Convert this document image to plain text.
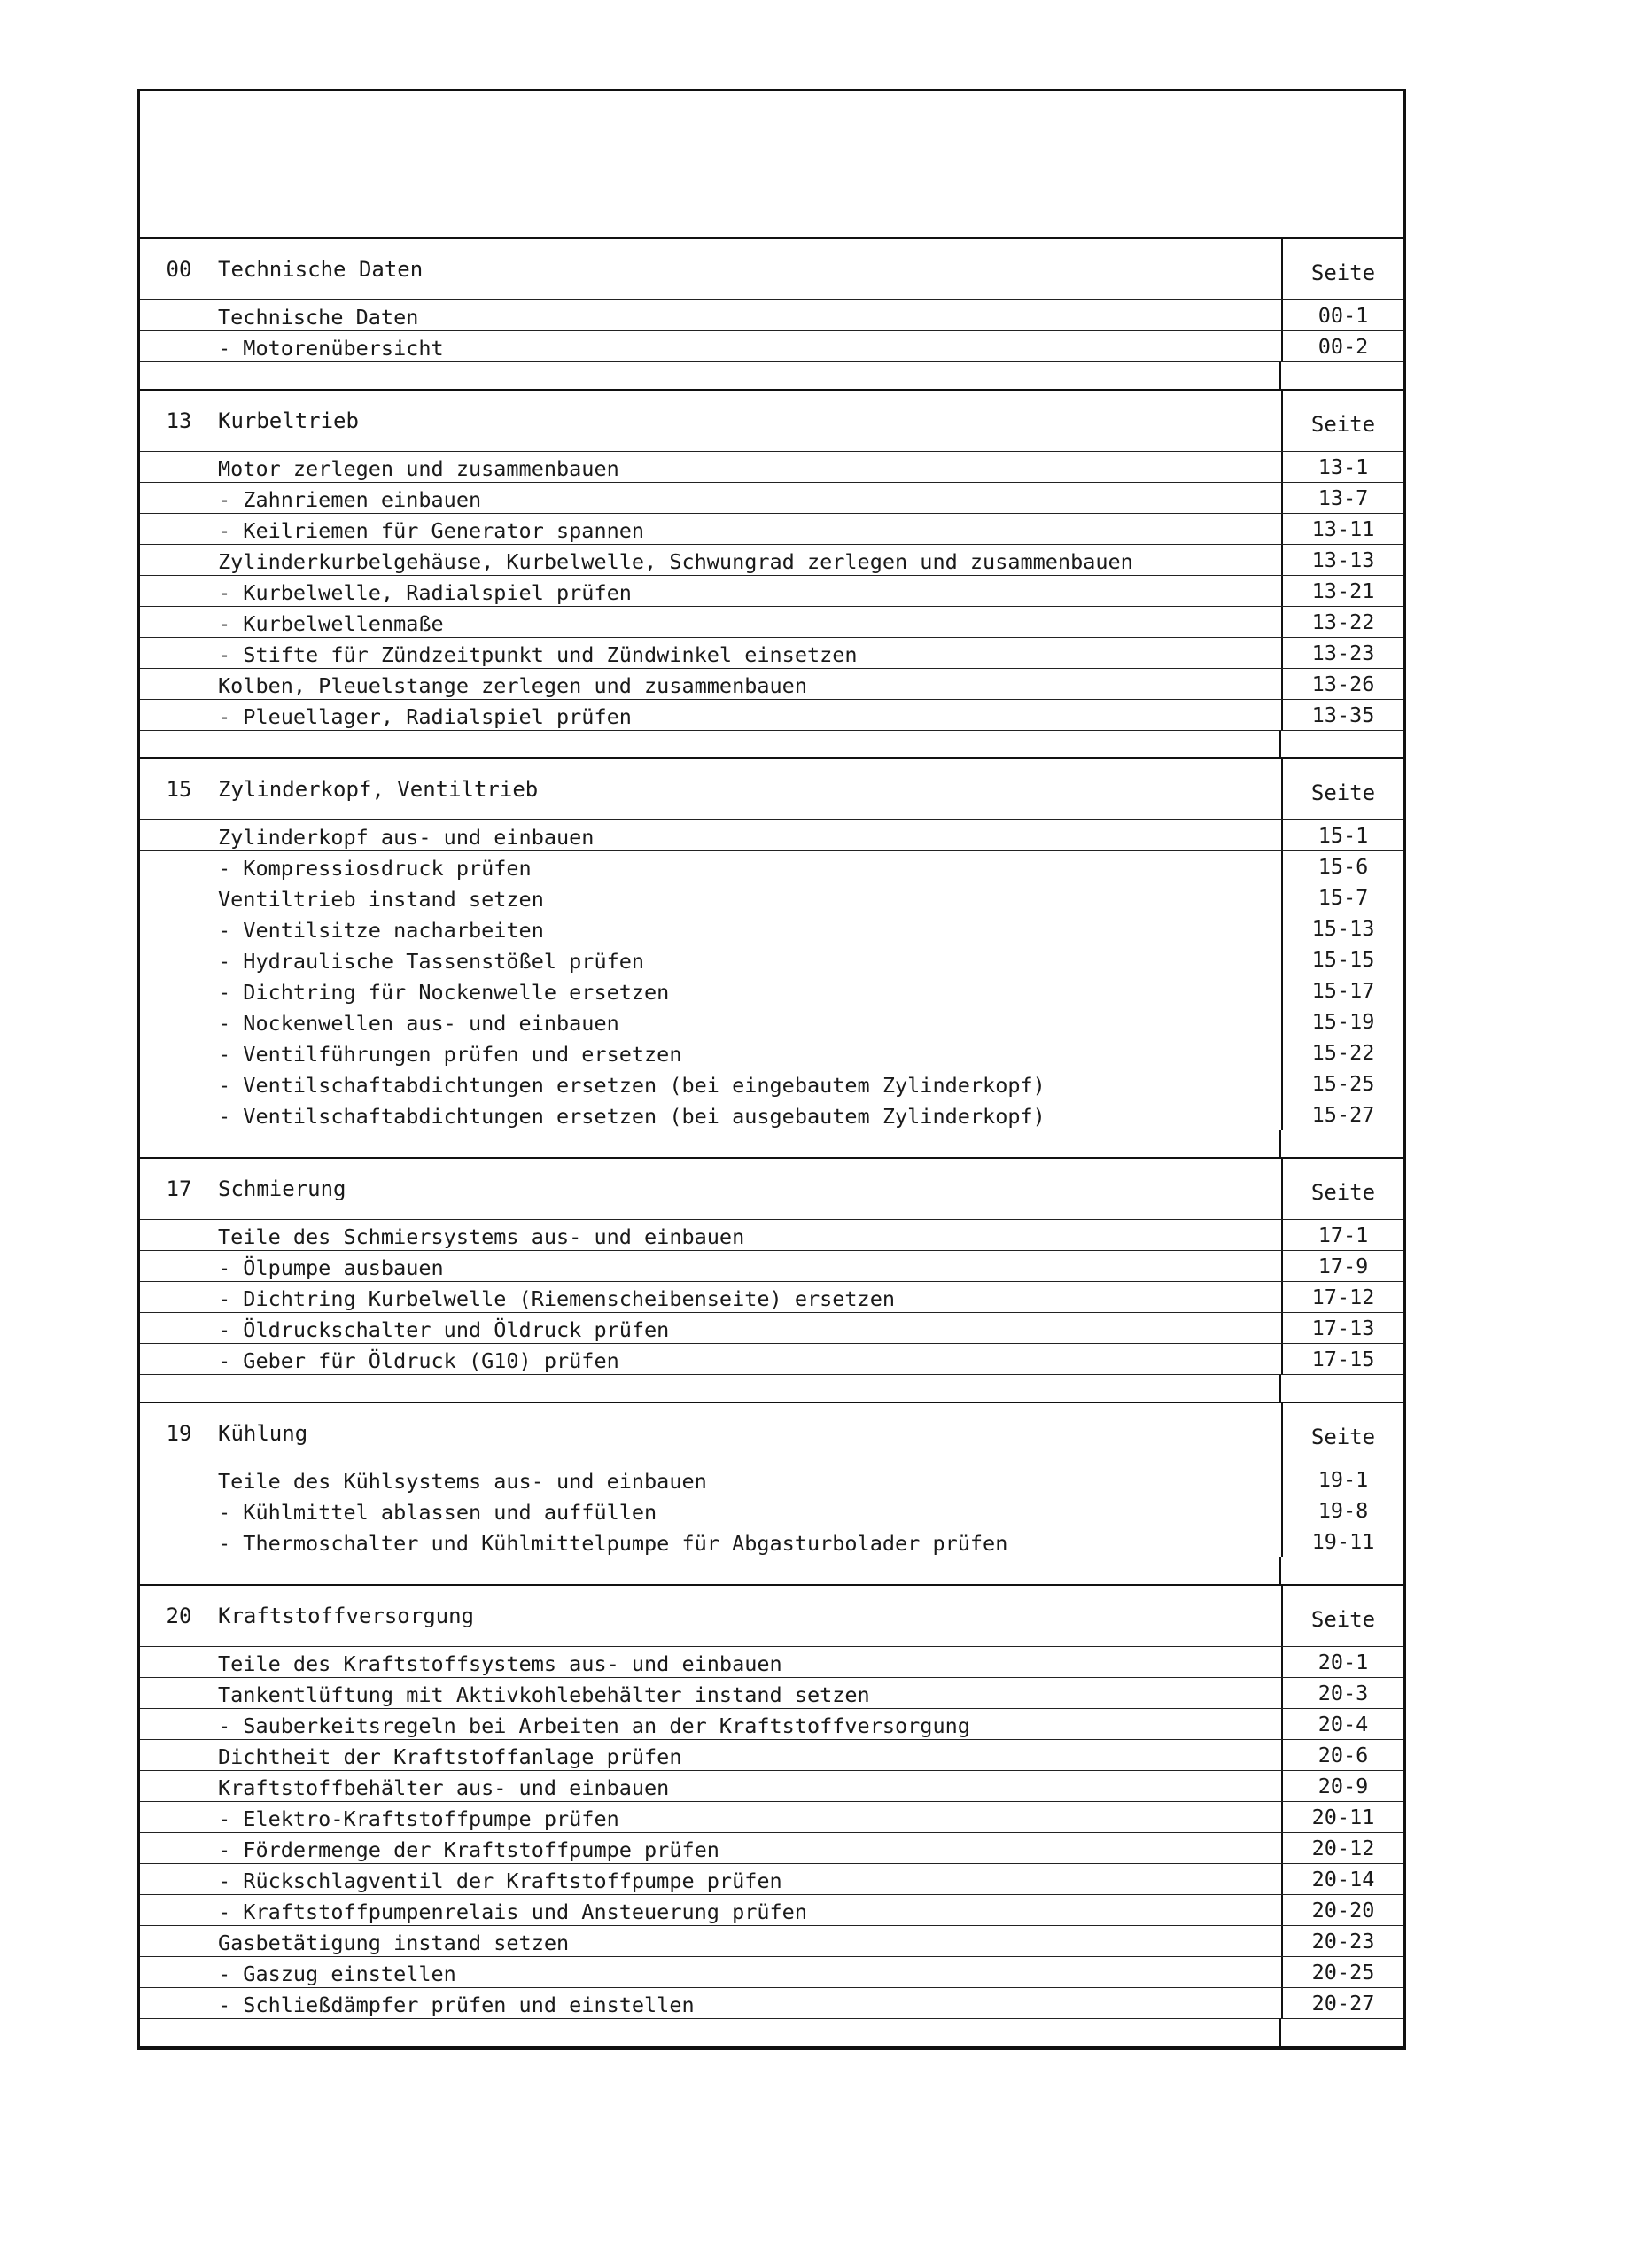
00	Technische Daten	Seite
Technische Daten	00-1
- Motorenübersicht	00-2
13	Kurbeltrieb	Seite
Motor zerlegen und zusammenbauen	13-1
- Zahnriemen einbauen	13-7
- Keilriemen für Generator spannen	13-11
Zylinderkurbelgehäuse, Kurbelwelle, Schwungrad zerlegen und zusammenbauen	13-13
- Kurbelwelle, Radialspiel prüfen	13-21
- Kurbelwellenmaße	13-22
- Stifte für Zündzeitpunkt und Zündwinkel einsetzen	13-23
Kolben, Pleuelstange zerlegen und zusammenbauen	13-26
- Pleuellager, Radialspiel prüfen	13-35
15	Zylinderkopf, Ventiltrieb	Seite
Zylinderkopf aus- und einbauen	15-1
- Kompressiosdruck prüfen	15-6
Ventiltrieb instand setzen	15-7
- Ventilsitze nacharbeiten	15-13
- Hydraulische Tassenstößel prüfen	15-15
- Dichtring für Nockenwelle ersetzen	15-17
- Nockenwellen aus- und einbauen	15-19
- Ventilführungen prüfen und ersetzen	15-22
- Ventilschaftabdichtungen ersetzen (bei eingebautem Zylinderkopf)	15-25
- Ventilschaftabdichtungen ersetzen (bei ausgebautem Zylinderkopf)	15-27
17	Schmierung	Seite
Teile des Schmiersystems aus- und einbauen	17-1
- Ölpumpe ausbauen	17-9
- Dichtring Kurbelwelle (Riemenscheibenseite) ersetzen	17-12
- Öldruckschalter und Öldruck prüfen	17-13
- Geber für Öldruck (G10) prüfen	17-15
19	Kühlung	Seite
Teile des Kühlsystems aus- und einbauen	19-1
- Kühlmittel ablassen und auffüllen	19-8
- Thermoschalter und Kühlmittelpumpe für Abgasturbolader prüfen	19-11
20	Kraftstoffversorgung	Seite
Teile des Kraftstoffsystems aus- und einbauen	20-1
Tankentlüftung mit Aktivkohlebehälter instand setzen	20-3
- Sauberkeitsregeln bei Arbeiten an der Kraftstoffversorgung	20-4
Dichtheit der Kraftstoffanlage prüfen	20-6
Kraftstoffbehälter aus- und einbauen	20-9
- Elektro-Kraftstoffpumpe prüfen	20-11
- Fördermenge der Kraftstoffpumpe prüfen	20-12
- Rückschlagventil der Kraftstoffpumpe prüfen	20-14
- Kraftstoffpumpenrelais und Ansteuerung prüfen	20-20
Gasbetätigung instand setzen	20-23
- Gaszug einstellen	20-25
- Schließdämpfer prüfen und einstellen	20-27
